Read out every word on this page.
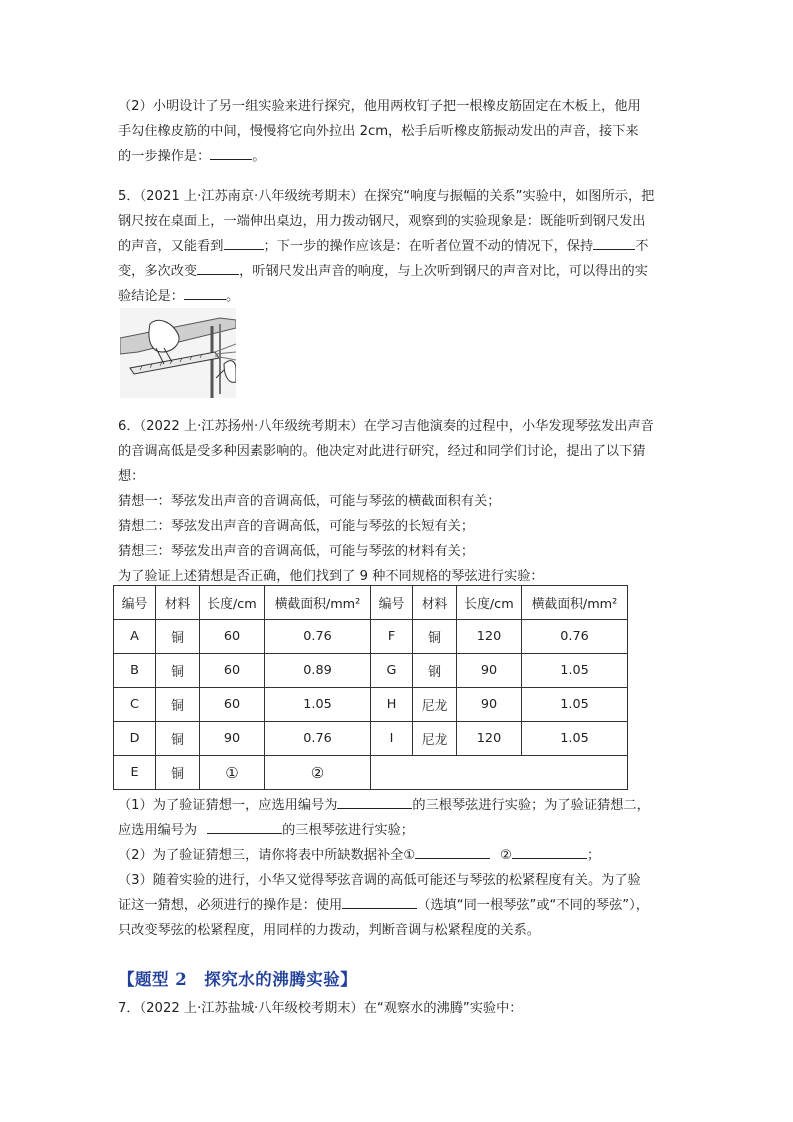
（2）小明设计了另一组实验来进行探究，他用两枚钉子把一根橡皮筋固定在木板上，他用
手勾住橡皮筋的中间，慢慢将它向外拉出 2cm，松手后听橡皮筋振动发出的声音，接下来
的一步操作是：	。
5．（2021 上·江苏南京·八年级统考期末）在探究“响度与振幅的关系”实验中，如图所示，把
钢尺按在桌面上，一端伸出桌边，用力拨动钢尺，观察到的实验现象是：既能听到钢尺发出
的声音，又能看到	；下一步的操作应该是：在听者位置不动的情况下，保持	不
变，多次改变	，听钢尺发出声音的响度，与上次听到钢尺的声音对比，可以得出的实
验结论是：	。
6．（2022 上·江苏扬州·八年级统考期末）在学习吉他演奏的过程中，小华发现琴弦发出声音
的音调高低是受多种因素影响的。他决定对此进行研究，经过和同学们讨论，提出了以下猜
想：
猜想一：琴弦发出声音的音调高低，可能与琴弦的横截面积有关；
猜想二：琴弦发出声音的音调高低，可能与琴弦的长短有关；
猜想三：琴弦发出声音的音调高低，可能与琴弦的材料有关；
为了验证上述猜想是否正确，他们找到了 9 种不同规格的琴弦进行实验：
编号	材料	长度/cm	横截面积/mm²	编号	材料	长度/cm	横截面积/mm²
A	铜	60	0.76	F	铜	120	0.76
B	铜	60	0.89	G	钢	90	1.05
C	铜	60	1.05	H	尼龙	90	1.05
D	铜	90	0.76	I	尼龙	120	1.05
E	铜	①	②				
（1）为了验证猜想一，应选用编号为	的三根琴弦进行实验；为了验证猜想二，
应选用编号为	的三根琴弦进行实验；
（2）为了验证猜想三，请你将表中所缺数据补全①	②	；
（3）随着实验的进行，小华又觉得琴弦音调的高低可能还与琴弦的松紧程度有关。为了验
证这一猜想，必须进行的操作是：使用	（选填“同一根琴弦”或“不同的琴弦”），
只改变琴弦的松紧程度，用同样的力拨动，判断音调与松紧程度的关系。
【题型 2　探究水的沸腾实验】
7．（2022 上·江苏盐城·八年级校考期末）在“观察水的沸腾”实验中：
